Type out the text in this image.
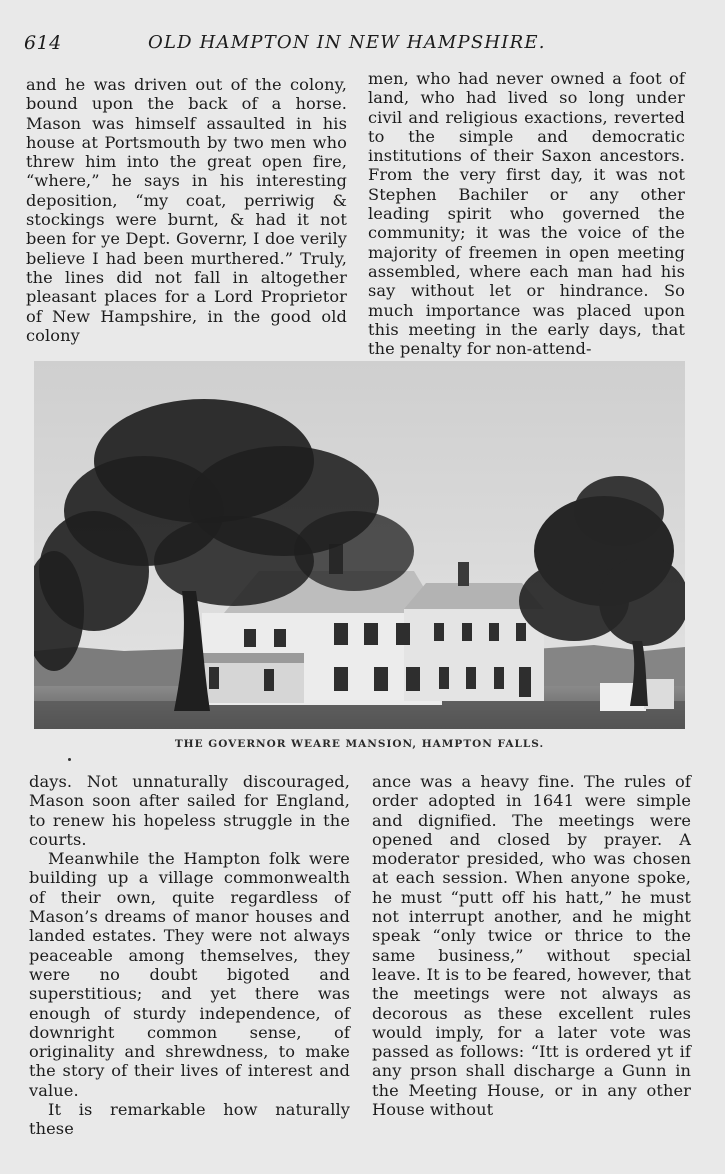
614	OLD HAMPTON IN NEW HAMPSHIRE.

and he was driven out of the colony, bound upon the back of a horse. Mason was himself assaulted in his house at Portsmouth by two men who threw him into the great open fire, “where,” he says in his interesting deposition, “my coat, perriwig & stockings were burnt, & had it not been for ye Dept. Governr, I doe verily believe I had been murthered.” Truly, the lines did not fall in altogether pleasant places for a Lord Proprietor of New Hampshire, in the good old colony

men, who had never owned a foot of land, who had lived so long under civil and religious exactions, reverted to the simple and democratic institutions of their Saxon ancestors. From the very first day, it was not Stephen Bachiler or any other leading spirit who governed the community; it was the voice of the majority of freemen in open meeting assembled, where each man had his say without let or hindrance. So much importance was placed upon this meeting in the early days, that the penalty for non-attend-

THE GOVERNOR WEARE MANSION, HAMPTON FALLS.

days. Not unnaturally discouraged, Mason soon after sailed for England, to renew his hopeless struggle in the courts.

Meanwhile the Hampton folk were building up a village commonwealth of their own, quite regardless of Mason’s dreams of manor houses and landed estates. They were not always peaceable among themselves, they were no doubt bigoted and superstitious; and yet there was enough of sturdy independence, of downright common sense, of originality and shrewdness, to make the story of their lives of interest and value.

It is remarkable how naturally these

ance was a heavy fine. The rules of order adopted in 1641 were simple and dignified. The meetings were opened and closed by prayer. A moderator presided, who was chosen at each session. When anyone spoke, he must “putt off his hatt,” he must not interrupt another, and he might speak “only twice or thrice to the same business,” without special leave. It is to be feared, however, that the meetings were not always as decorous as these excellent rules would imply, for a later vote was passed as follows: “Itt is ordered yt if any prson shall discharge a Gunn in the Meeting House, or in any other House without
